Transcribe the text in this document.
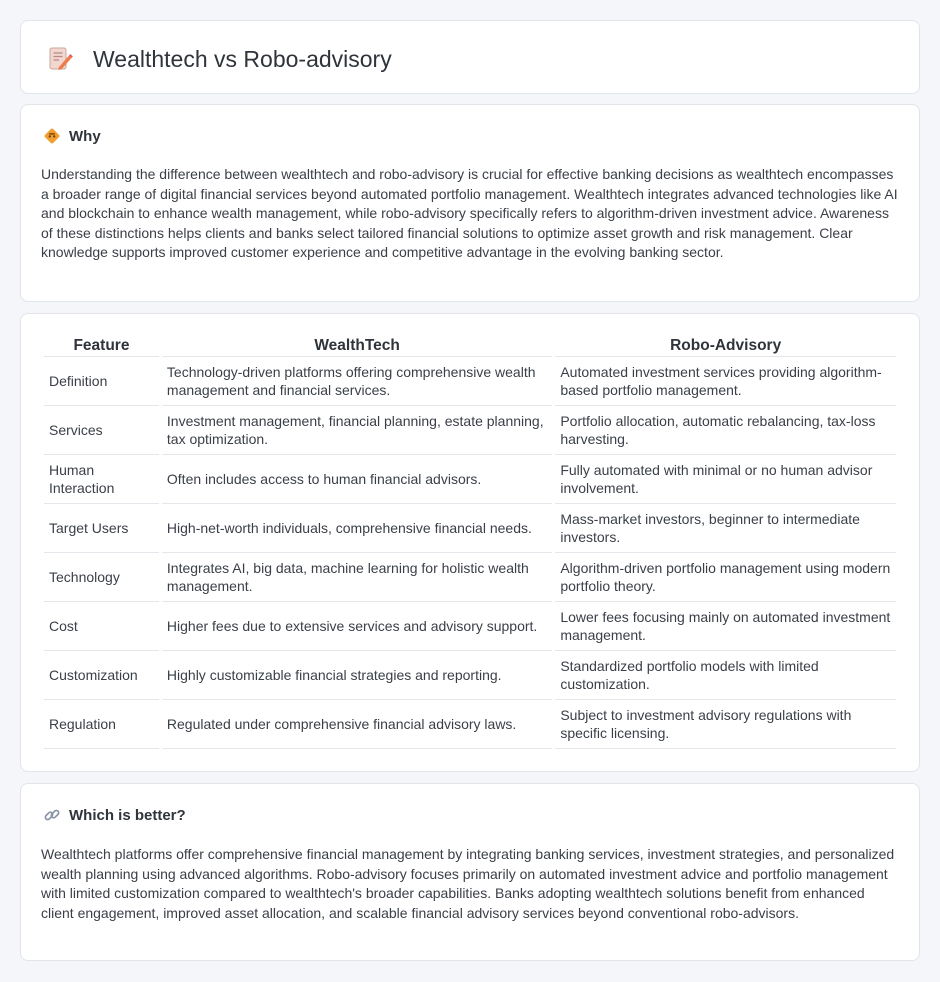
Wealthtech vs Robo-advisory
Why

Understanding the difference between wealthtech and robo-advisory is crucial for effective banking decisions as wealthtech encompasses a broader range of digital financial services beyond automated portfolio management. Wealthtech integrates advanced technologies like AI and blockchain to enhance wealth management, while robo-advisory specifically refers to algorithm-driven investment advice. Awareness of these distinctions helps clients and banks select tailored financial solutions to optimize asset growth and risk management. Clear knowledge supports improved customer experience and competitive advantage in the evolving banking sector.

Feature	WealthTech	Robo-Advisory
Definition	Technology-driven platforms offering comprehensive wealth management and financial services.	Automated investment services providing algorithm-based portfolio management.
Services	Investment management, financial planning, estate planning, tax optimization.	Portfolio allocation, automatic rebalancing, tax-loss harvesting.
Human Interaction	Often includes access to human financial advisors.	Fully automated with minimal or no human advisor involvement.
Target Users	High-net-worth individuals, comprehensive financial needs.	Mass-market investors, beginner to intermediate investors.
Technology	Integrates AI, big data, machine learning for holistic wealth management.	Algorithm-driven portfolio management using modern portfolio theory.
Cost	Higher fees due to extensive services and advisory support.	Lower fees focusing mainly on automated investment management.
Customization	Highly customizable financial strategies and reporting.	Standardized portfolio models with limited customization.
Regulation	Regulated under comprehensive financial advisory laws.	Subject to investment advisory regulations with specific licensing.
Which is better?

Wealthtech platforms offer comprehensive financial management by integrating banking services, investment strategies, and personalized wealth planning using advanced algorithms. Robo-advisory focuses primarily on automated investment advice and portfolio management with limited customization compared to wealthtech's broader capabilities. Banks adopting wealthtech solutions benefit from enhanced client engagement, improved asset allocation, and scalable financial advisory services beyond conventional robo-advisors.
